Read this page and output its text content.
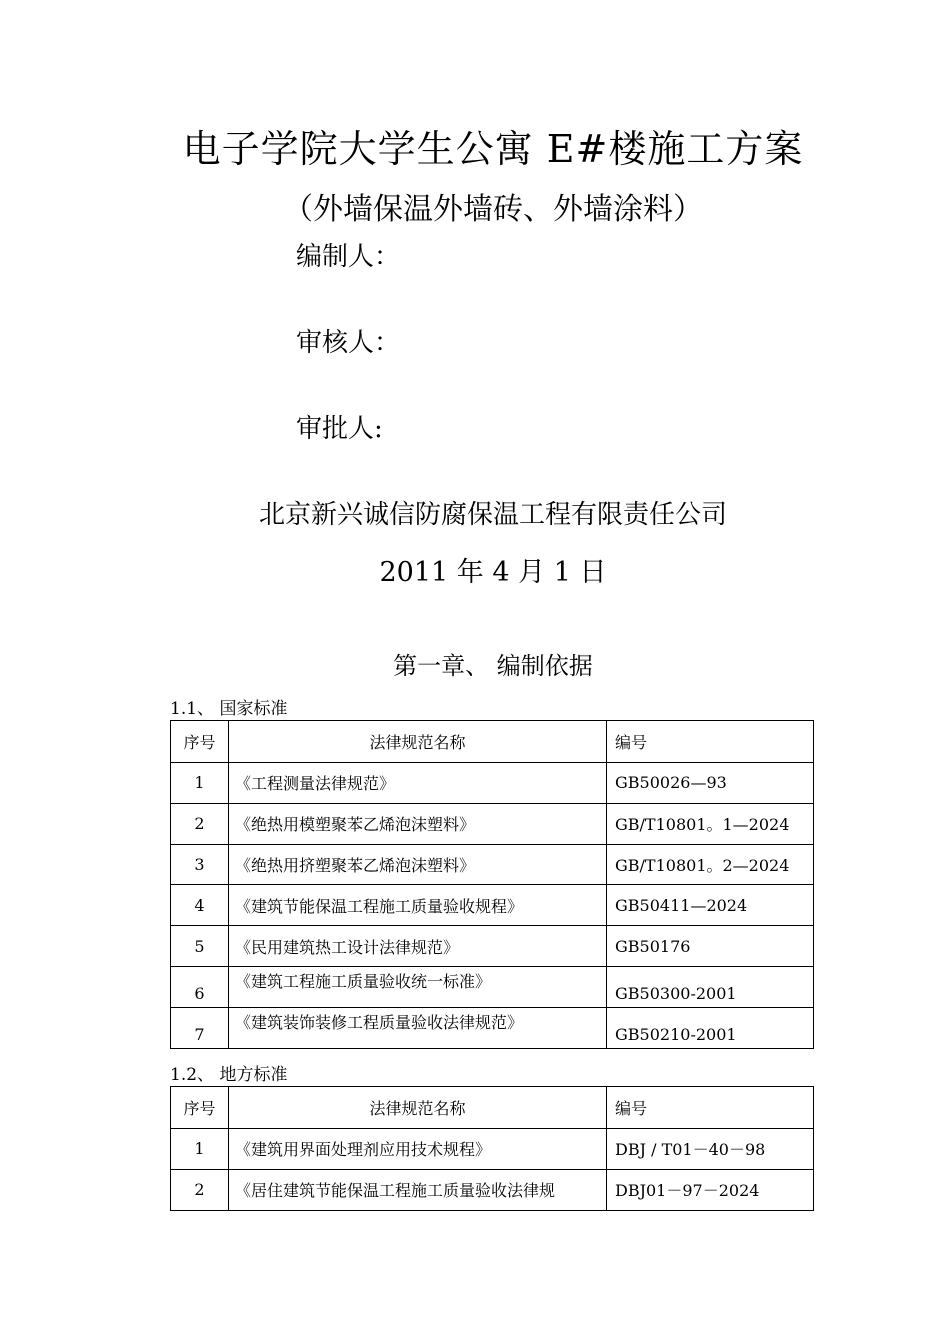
电子学院大学生公寓 E#楼施工方案
（外墙保温外墙砖、外墙涂料）
编制人：
审核人：
审批人:
北京新兴诚信防腐保温工程有限责任公司
2011 年 4 月 1 日
第一章、 编制依据
1.1、 国家标准
序号	法律规范名称	编号
1	《工程测量法律规范》	GB50026—93
2	《绝热用模塑聚苯乙烯泡沫塑料》	GB/T10801。1—2024
3	《绝热用挤塑聚苯乙烯泡沫塑料》	GB/T10801。2—2024
4	《建筑节能保温工程施工质量验收规程》	GB50411—2024
5	《民用建筑热工设计法律规范》	GB50176
6	《建筑工程施工质量验收统一标准》	GB50300-2001
7	《建筑装饰装修工程质量验收法律规范》	GB50210-2001
1.2、 地方标准
序号	法律规范名称	编号
1	《建筑用界面处理剂应用技术规程》	DBJ / T01－40－98
2	《居住建筑节能保温工程施工质量验收法律规	DBJ01－97－2024
